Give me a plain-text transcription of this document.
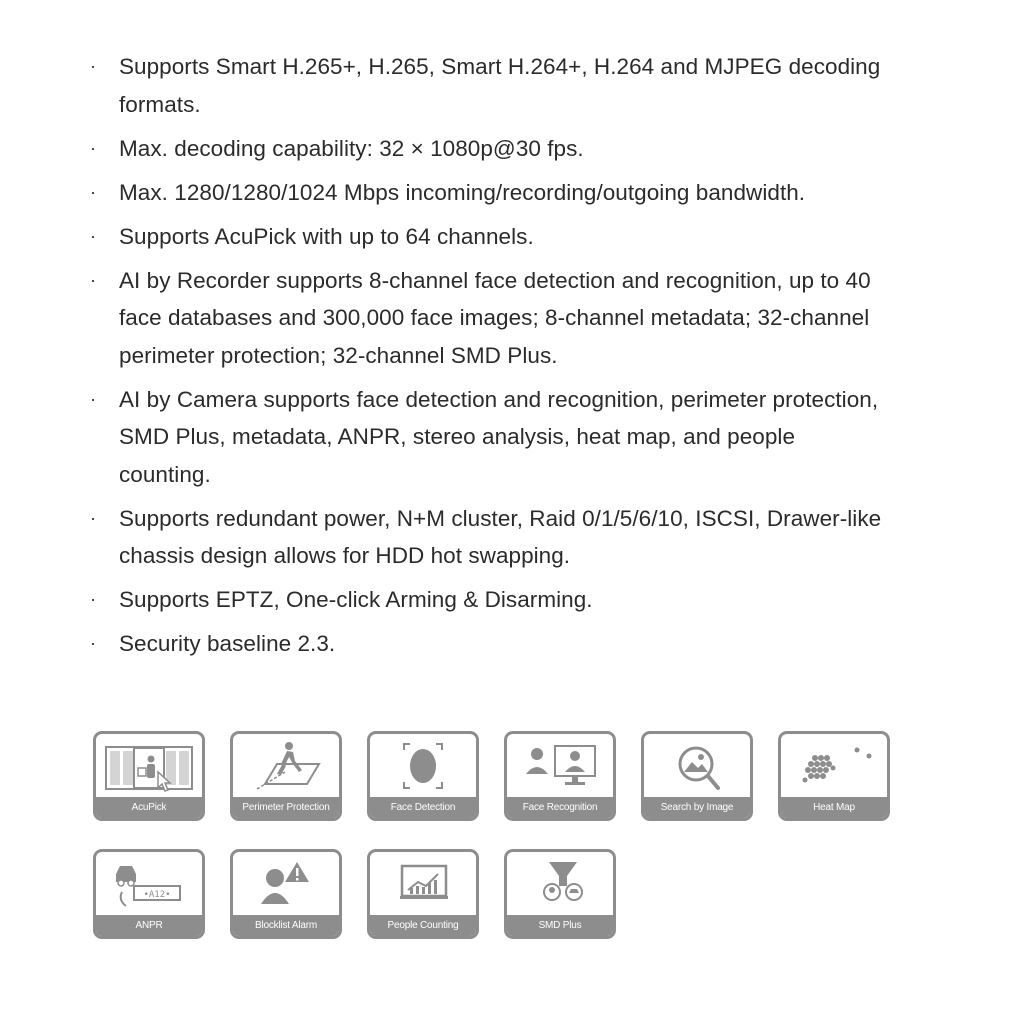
· Supports Smart H.265+, H.265, Smart H.264+, H.264 and MJPEG decoding formats.
· Max. decoding capability: 32 × 1080p@30 fps.
· Max. 1280/1280/1024 Mbps incoming/recording/outgoing bandwidth.
· Supports AcuPick with up to 64 channels.
· AI by Recorder supports 8-channel face detection and recognition, up to 40 face databases and 300,000 face images; 8-channel metadata; 32-channel perimeter protection; 32-channel SMD Plus.
· AI by Camera supports face detection and recognition, perimeter protection, SMD Plus, metadata, ANPR, stereo analysis, heat map, and people counting.
· Supports redundant power, N+M cluster, Raid 0/1/5/6/10, ISCSI, Drawer-like chassis design allows for HDD hot swapping.
· Supports EPTZ, One-click Arming & Disarming.
· Security baseline 2.3.
AcuPick	Perimeter Protection	Face Detection	Face Recognition	Search by Image	Heat Map
•A12•
ANPR	Blocklist Alarm	People Counting	SMD Plus
